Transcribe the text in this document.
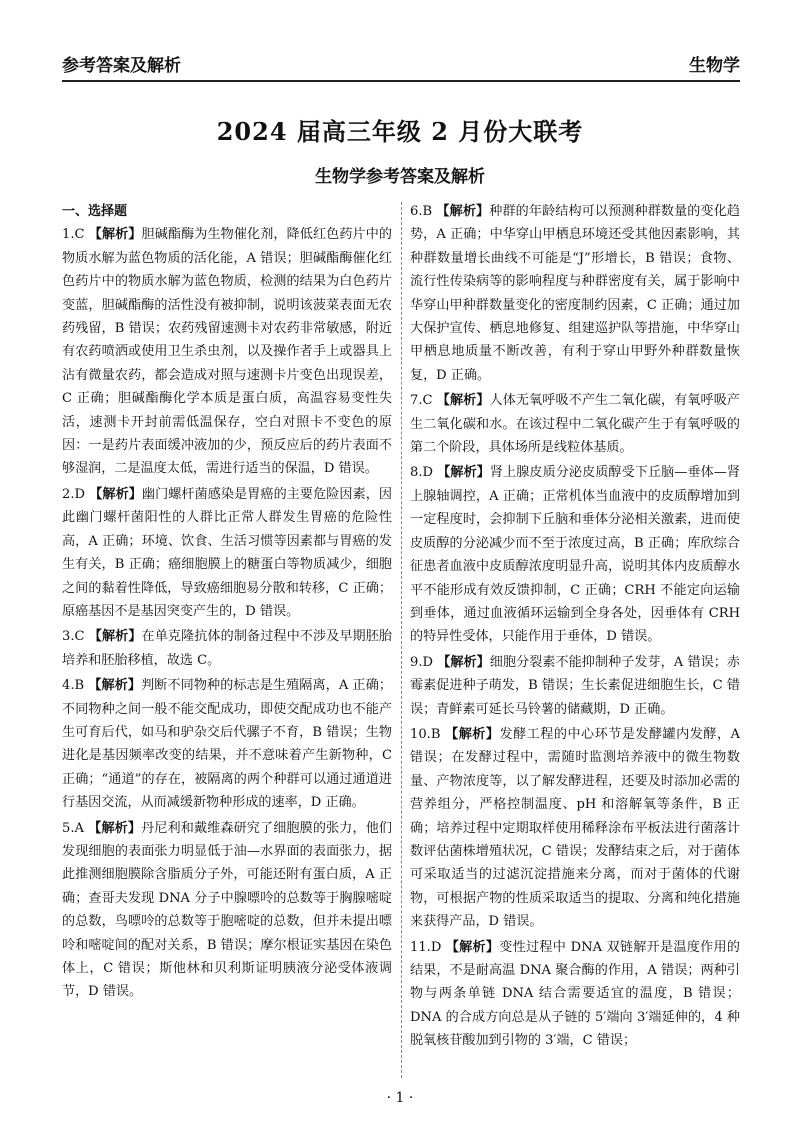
参考答案及解析	生物学
2024 届高三年级 2 月份大联考
生物学参考答案及解析
一、选择题
1.C 【解析】胆碱酯酶为生物催化剂，降低红色药片中的物质水解为蓝色物质的活化能，A 错误；胆碱酯酶催化红色药片中的物质水解为蓝色物质，检测的结果为白色药片变蓝，胆碱酯酶的活性没有被抑制，说明该菠菜表面无农药残留，B 错误；农药残留速测卡对农药非常敏感，附近有农药喷洒或使用卫生杀虫剂，以及操作者手上或器具上沾有微量农药，都会造成对照与速测卡片变色出现误差，C 正确；胆碱酯酶化学本质是蛋白质，高温容易变性失活，速测卡开封前需低温保存，空白对照卡不变色的原因：一是药片表面缓冲液加的少，预反应后的药片表面不够湿润，二是温度太低，需进行适当的保温，D 错误。
2.D 【解析】幽门螺杆菌感染是胃癌的主要危险因素，因此幽门螺杆菌阳性的人群比正常人群发生胃癌的危险性高，A 正确；环境、饮食、生活习惯等因素都与胃癌的发生有关，B 正确；癌细胞膜上的糖蛋白等物质减少，细胞之间的黏着性降低，导致癌细胞易分散和转移，C 正确；原癌基因不是基因突变产生的，D 错误。
3.C 【解析】在单克隆抗体的制备过程中不涉及早期胚胎培养和胚胎移植，故选 C。
4.B 【解析】判断不同物种的标志是生殖隔离，A 正确；不同物种之间一般不能交配成功，即使交配成功也不能产生可育后代，如马和驴杂交后代骡子不育，B 错误；生物进化是基因频率改变的结果，并不意味着产生新物种，C 正确；“通道”的存在，被隔离的两个种群可以通过通道进行基因交流，从而减缓新物种形成的速率，D 正确。
5.A 【解析】丹尼利和戴维森研究了细胞膜的张力，他们发现细胞的表面张力明显低于油—水界面的表面张力，据此推测细胞膜除含脂质分子外，可能还附有蛋白质，A 正确；查哥夫发现 DNA 分子中腺嘌呤的总数等于胸腺嘧啶的总数，鸟嘌呤的总数等于胞嘧啶的总数，但并未提出嘌呤和嘧啶间的配对关系，B 错误；摩尔根证实基因在染色体上，C 错误；斯他林和贝利斯证明胰液分泌受体液调节，D 错误。
6.B 【解析】种群的年龄结构可以预测种群数量的变化趋势，A 正确；中华穿山甲栖息环境还受其他因素影响，其种群数量增长曲线不可能是“J”形增长，B 错误；食物、流行性传染病等的影响程度与种群密度有关，属于影响中华穿山甲种群数量变化的密度制约因素，C 正确；通过加大保护宣传、栖息地修复、组建巡护队等措施，中华穿山甲栖息地质量不断改善，有利于穿山甲野外种群数量恢复，D 正确。
7.C 【解析】人体无氧呼吸不产生二氧化碳，有氧呼吸产生二氧化碳和水。在该过程中二氧化碳产生于有氧呼吸的第二个阶段，具体场所是线粒体基质。
8.D 【解析】肾上腺皮质分泌皮质醇受下丘脑—垂体—肾上腺轴调控，A 正确；正常机体当血液中的皮质醇增加到一定程度时，会抑制下丘脑和垂体分泌相关激素，进而使皮质醇的分泌减少而不至于浓度过高，B 正确；库欣综合征患者血液中皮质醇浓度明显升高，说明其体内皮质醇水平不能形成有效反馈抑制，C 正确；CRH 不能定向运输到垂体，通过血液循环运输到全身各处，因垂体有 CRH 的特异性受体，只能作用于垂体，D 错误。
9.D 【解析】细胞分裂素不能抑制种子发芽，A 错误；赤霉素促进种子萌发，B 错误；生长素促进细胞生长，C 错误；青鲜素可延长马铃薯的储藏期，D 正确。
10.B 【解析】发酵工程的中心环节是发酵罐内发酵，A 错误；在发酵过程中，需随时监测培养液中的微生物数量、产物浓度等，以了解发酵进程，还要及时添加必需的营养组分，严格控制温度、pH 和溶解氧等条件，B 正确；培养过程中定期取样使用稀释涂布平板法进行菌落计数评估菌株增殖状况，C 错误；发酵结束之后，对于菌体可采取适当的过滤沉淀措施来分离，而对于菌体的代谢物，可根据产物的性质采取适当的提取、分离和纯化措施来获得产品，D 错误。
11.D 【解析】变性过程中 DNA 双链解开是温度作用的结果，不是耐高温 DNA 聚合酶的作用，A 错误；两种引物与两条单链 DNA 结合需要适宜的温度，B 错误；DNA 的合成方向总是从子链的 5′端向 3′端延伸的，4 种脱氧核苷酸加到引物的 3′端，C 错误；
· 1 ·
